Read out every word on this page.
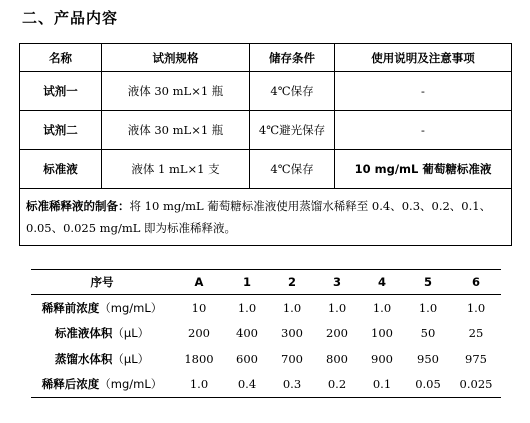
二、产品内容
名称	试剂规格	储存条件	使用说明及注意事项
试剂一	液体 30 mL×1 瓶	4℃保存	-
试剂二	液体 30 mL×1 瓶	4℃避光保存	-
标准液	液体 1 mL×1 支	4℃保存	10 mg/mL 葡萄糖标准液
标准稀释液的制备：将 10 mg/mL 葡萄糖标准液使用蒸馏水稀释至 0.4、0.3、0.2、0.1、0.05、0.025 mg/mL 即为标准稀释液。			
序号	A	1	2	3	4	5	6
稀释前浓度（mg/mL）	10	1.0	1.0	1.0	1.0	1.0	1.0
标准液体积（μL）	200	400	300	200	100	50	25
蒸馏水体积（μL）	1800	600	700	800	900	950	975
稀释后浓度（mg/mL）	1.0	0.4	0.3	0.2	0.1	0.05	0.025
